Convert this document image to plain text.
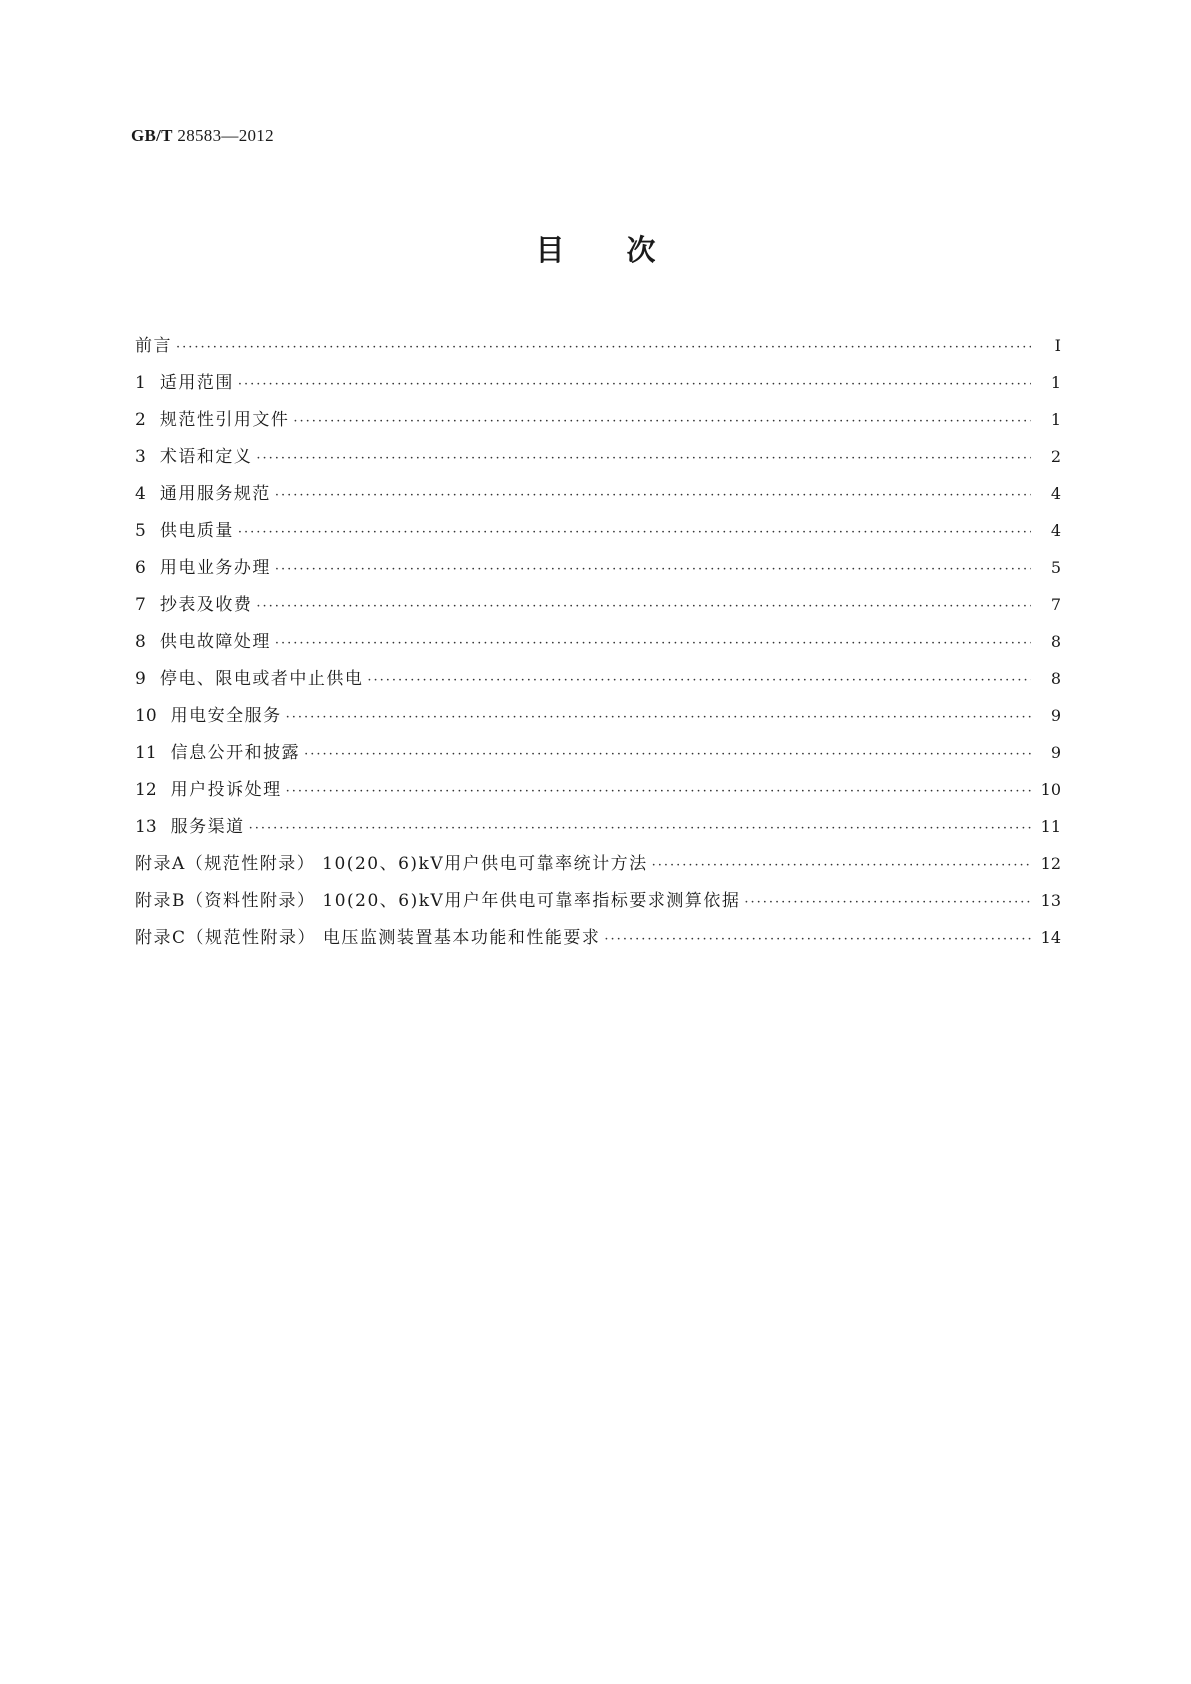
GB/T 28583—2012
目 次
前言 ·····	Ⅰ
1 适用范围 ·····	1
2 规范性引用文件 ·····	1
3 术语和定义 ·····	2
4 通用服务规范 ·····	4
5 供电质量 ·····	4
6 用电业务办理 ·····	5
7 抄表及收费 ·····	7
8 供电故障处理 ·····	8
9 停电、限电或者中止供电 ·····	8
10 用电安全服务 ·····	9
11 信息公开和披露 ·····	9
12 用户投诉处理 ·····	10
13 服务渠道 ·····	11
附录A（规范性附录） 10(20、6)kV用户供电可靠率统计方法 ·····	12
附录B（资料性附录） 10(20、6)kV用户年供电可靠率指标要求测算依据 ·····	13
附录C（规范性附录） 电压监测装置基本功能和性能要求 ·····	14
